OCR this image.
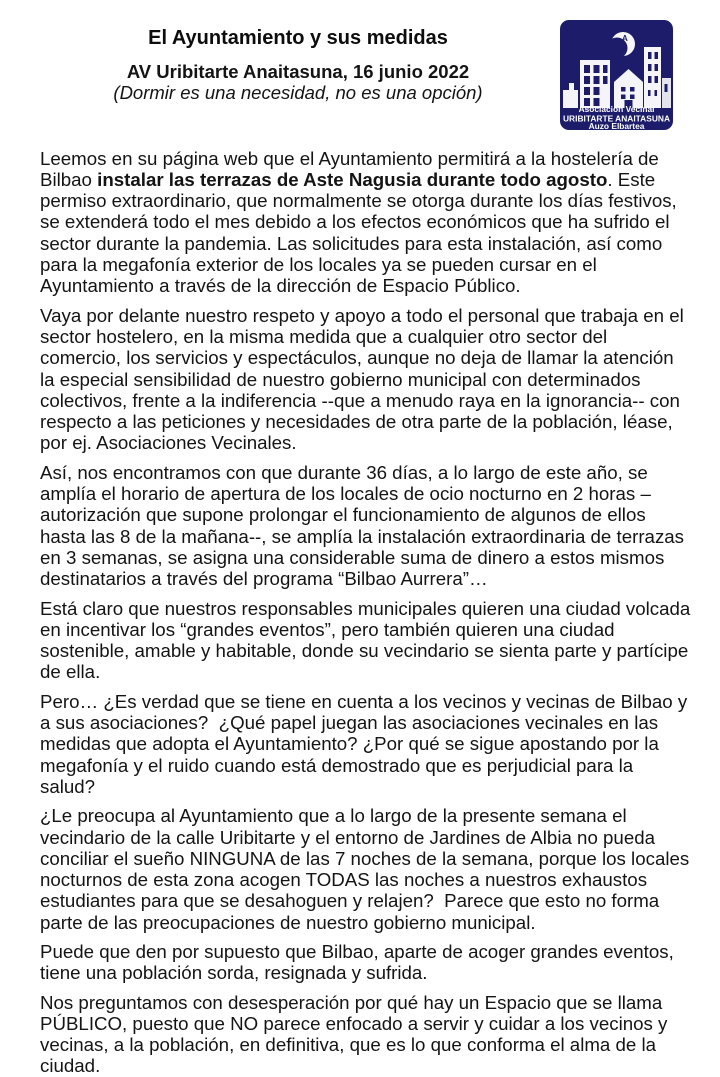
El Ayuntamiento y sus medidas
AV Uribitarte Anaitasuna, 16 junio 2022
(Dormir es una necesidad, no es una opción)
A
U
Asociación Vecinal
URIBITARTE ANAITASUNA
Auzo Elbartea

Leemos en su página web que el Ayuntamiento permitirá a la hostelería de Bilbao instalar las terrazas de Aste Nagusia durante todo agosto. Este permiso extraordinario, que normalmente se otorga durante los días festivos, se extenderá todo el mes debido a los efectos económicos que ha sufrido el sector durante la pandemia. Las solicitudes para esta instalación, así como para la megafonía exterior de los locales ya se pueden cursar en el Ayuntamiento a través de la dirección de Espacio Público.

Vaya por delante nuestro respeto y apoyo a todo el personal que trabaja en el sector hostelero, en la misma medida que a cualquier otro sector del comercio, los servicios y espectáculos, aunque no deja de llamar la atención la especial sensibilidad de nuestro gobierno municipal con determinados colectivos, frente a la indiferencia --que a menudo raya en la ignorancia-- con respecto a las peticiones y necesidades de otra parte de la población, léase, por ej. Asociaciones Vecinales.

Así, nos encontramos con que durante 36 días, a lo largo de este año, se amplía el horario de apertura de los locales de ocio nocturno en 2 horas – autorización que supone prolongar el funcionamiento de algunos de ellos hasta las 8 de la mañana--, se amplía la instalación extraordinaria de terrazas en 3 semanas, se asigna una considerable suma de dinero a estos mismos destinatarios a través del programa “Bilbao Aurrera”…

Está claro que nuestros responsables municipales quieren una ciudad volcada en incentivar los “grandes eventos”, pero también quieren una ciudad sostenible, amable y habitable, donde su vecindario se sienta parte y partícipe de ella.

Pero… ¿Es verdad que se tiene en cuenta a los vecinos y vecinas de Bilbao y a sus asociaciones?  ¿Qué papel juegan las asociaciones vecinales en las medidas que adopta el Ayuntamiento? ¿Por qué se sigue apostando por la megafonía y el ruido cuando está demostrado que es perjudicial para la salud?

¿Le preocupa al Ayuntamiento que a lo largo de la presente semana el vecindario de la calle Uribitarte y el entorno de Jardines de Albia no pueda conciliar el sueño NINGUNA de las 7 noches de la semana, porque los locales nocturnos de esta zona acogen TODAS las noches a nuestros exhaustos estudiantes para que se desahoguen y relajen?  Parece que esto no forma parte de las preocupaciones de nuestro gobierno municipal.

Puede que den por supuesto que Bilbao, aparte de acoger grandes eventos, tiene una población sorda, resignada y sufrida.

Nos preguntamos con desesperación por qué hay un Espacio que se llama PÚBLICO, puesto que NO parece enfocado a servir y cuidar a los vecinos y vecinas, a la población, en definitiva, que es lo que conforma el alma de la ciudad.
